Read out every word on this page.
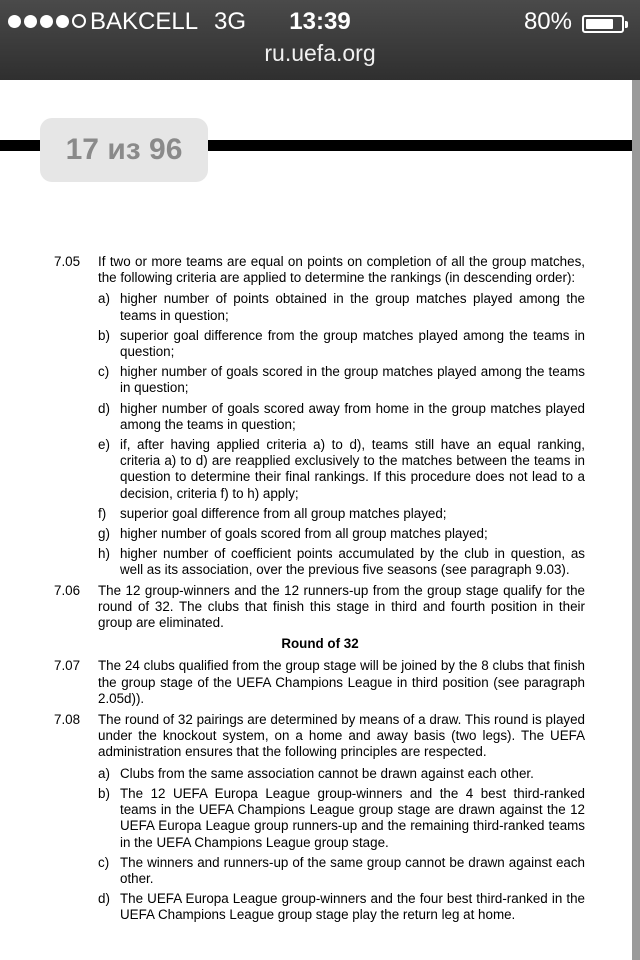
BAKCELL 3G	13:39	80%
ru.uefa.org
17 из 96
7.05 If two or more teams are equal on points on completion of all the group matches, the following criteria are applied to determine the rankings (in descending order):
a) higher number of points obtained in the group matches played among the teams in question;
b) superior goal difference from the group matches played among the teams in question;
c) higher number of goals scored in the group matches played among the teams in question;
d) higher number of goals scored away from home in the group matches played among the teams in question;
e) if, after having applied criteria a) to d), teams still have an equal ranking, criteria a) to d) are reapplied exclusively to the matches between the teams in question to determine their final rankings. If this procedure does not lead to a decision, criteria f) to h) apply;
f) superior goal difference from all group matches played;
g) higher number of goals scored from all group matches played;
h) higher number of coefficient points accumulated by the club in question, as well as its association, over the previous five seasons (see paragraph 9.03).
7.06 The 12 group-winners and the 12 runners-up from the group stage qualify for the round of 32. The clubs that finish this stage in third and fourth position in their group are eliminated.
Round of 32
7.07 The 24 clubs qualified from the group stage will be joined by the 8 clubs that finish the group stage of the UEFA Champions League in third position (see paragraph 2.05d)).
7.08 The round of 32 pairings are determined by means of a draw. This round is played under the knockout system, on a home and away basis (two legs). The UEFA administration ensures that the following principles are respected.
a) Clubs from the same association cannot be drawn against each other.
b) The 12 UEFA Europa League group-winners and the 4 best third-ranked teams in the UEFA Champions League group stage are drawn against the 12 UEFA Europa League group runners-up and the remaining third-ranked teams in the UEFA Champions League group stage.
c) The winners and runners-up of the same group cannot be drawn against each other.
d) The UEFA Europa League group-winners and the four best third-ranked in the UEFA Champions League group stage play the return leg at home.
